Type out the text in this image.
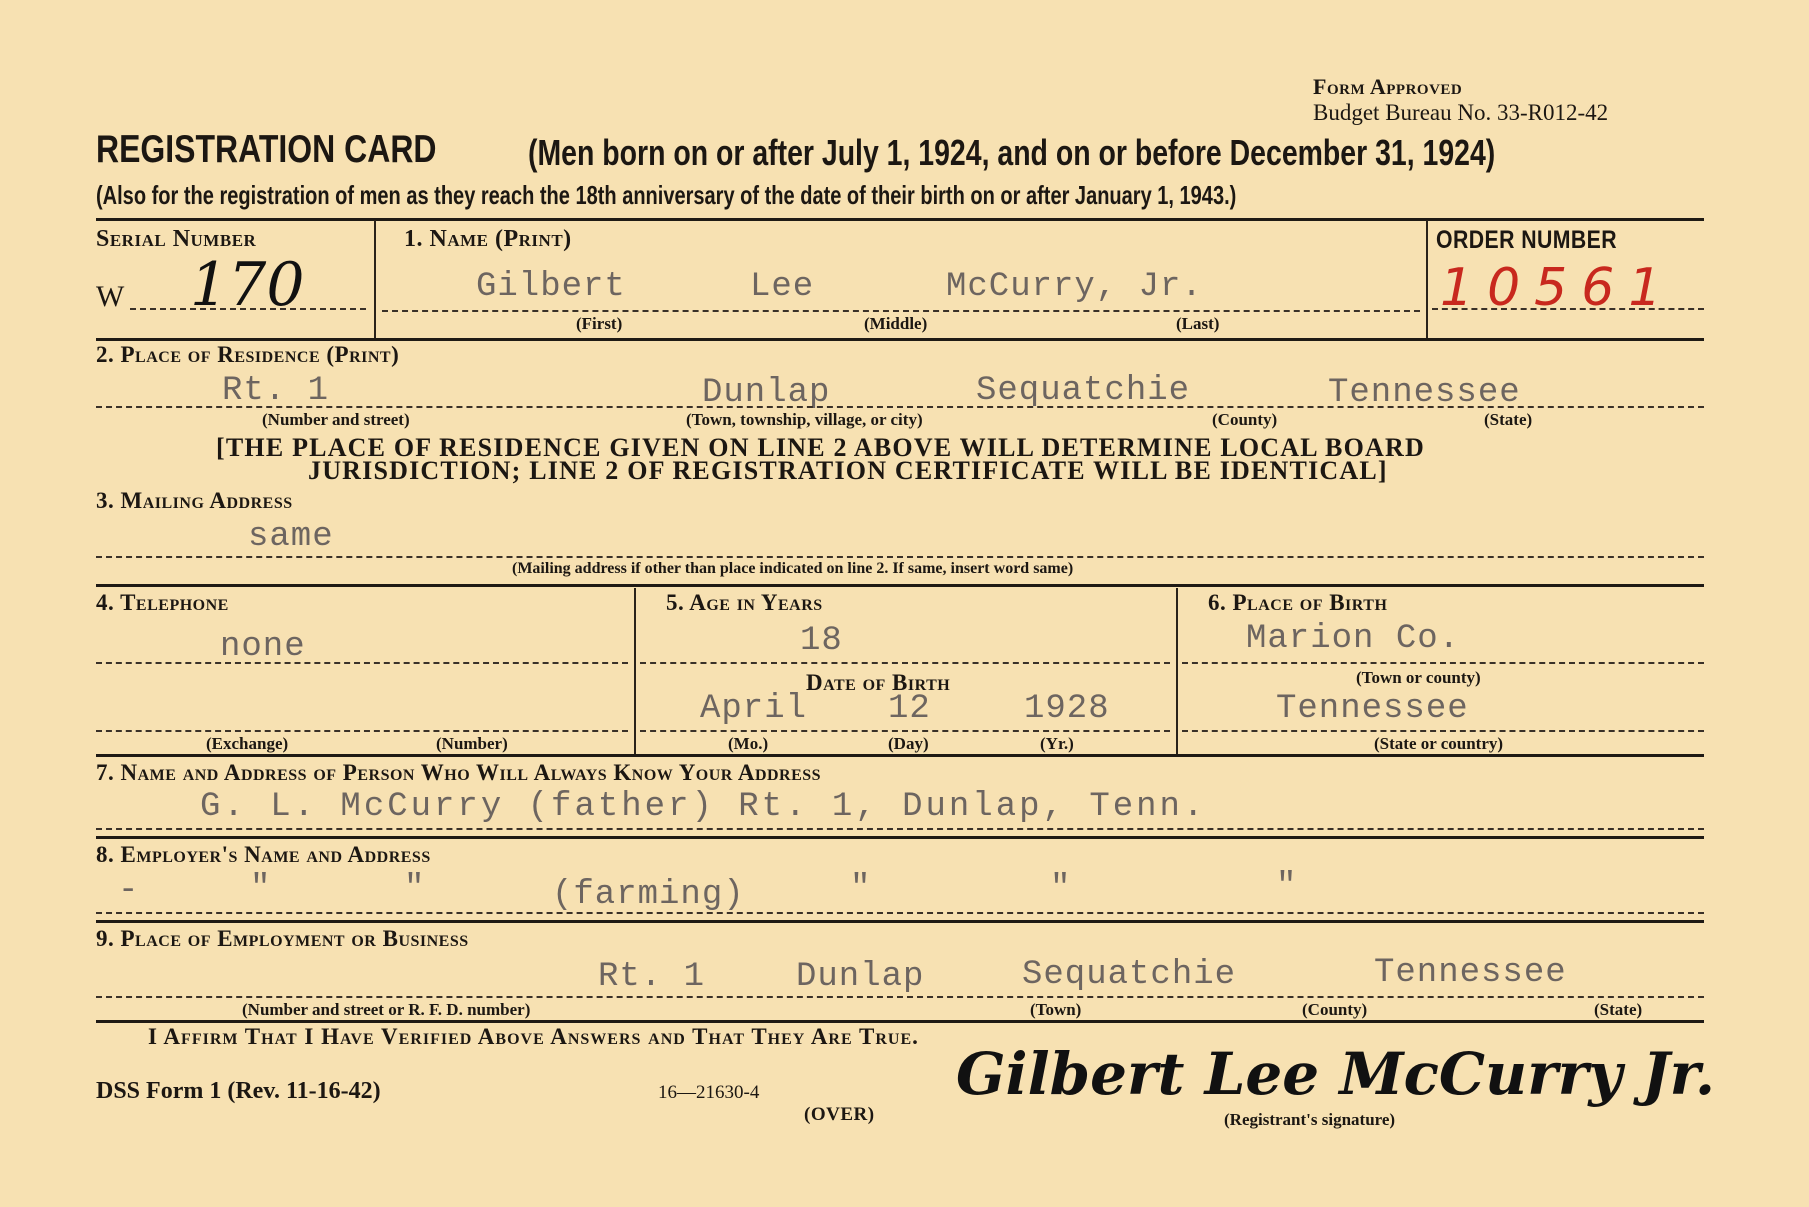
Form Approved
Budget Bureau No. 33-R012-42
REGISTRATION CARD	(Men born on or after July 1, 1924, and on or before December 31, 1924)
(Also for the registration of men as they reach the 18th anniversary of the date of their birth on or after January 1, 1943.)
Serial Number
W 170
1. Name (Print)
Gilbert	Lee	McCurry, Jr.
(First)	(Middle)	(Last)
ORDER NUMBER
10561
2. Place of Residence (Print)
Rt. 1	Dunlap	Sequatchie	Tennessee
(Number and street)	(Town, township, village, or city)	(County)	(State)
[THE PLACE OF RESIDENCE GIVEN ON LINE 2 ABOVE WILL DETERMINE LOCAL BOARD
JURISDICTION; LINE 2 OF REGISTRATION CERTIFICATE WILL BE IDENTICAL]
3. Mailing Address
same
(Mailing address if other than place indicated on line 2. If same, insert word same)
4. Telephone
none
(Exchange)	(Number)
5. Age in Years
18
Date of Birth
April 12	1928
(Mo.)	(Day)	(Yr.)
6. Place of Birth
Marion Co.
(Town or county)
Tennessee
(State or country)
7. Name and Address of Person Who Will Always Know Your Address
G. L. McCurry (father) Rt. 1, Dunlap, Tenn.
8. Employer's Name and Address
-	"	"	(farming)	"	"	"
9. Place of Employment or Business
Rt. 1	Dunlap	Sequatchie	Tennessee
(Number and street or R. F. D. number)	(Town)	(County)	(State)
I Affirm That I Have Verified Above Answers and That They Are True.
DSS Form 1 (Rev. 11-16-42)	16—21630-4
(OVER)
Gilbert Lee McCurry Jr.
(Registrant's signature)
